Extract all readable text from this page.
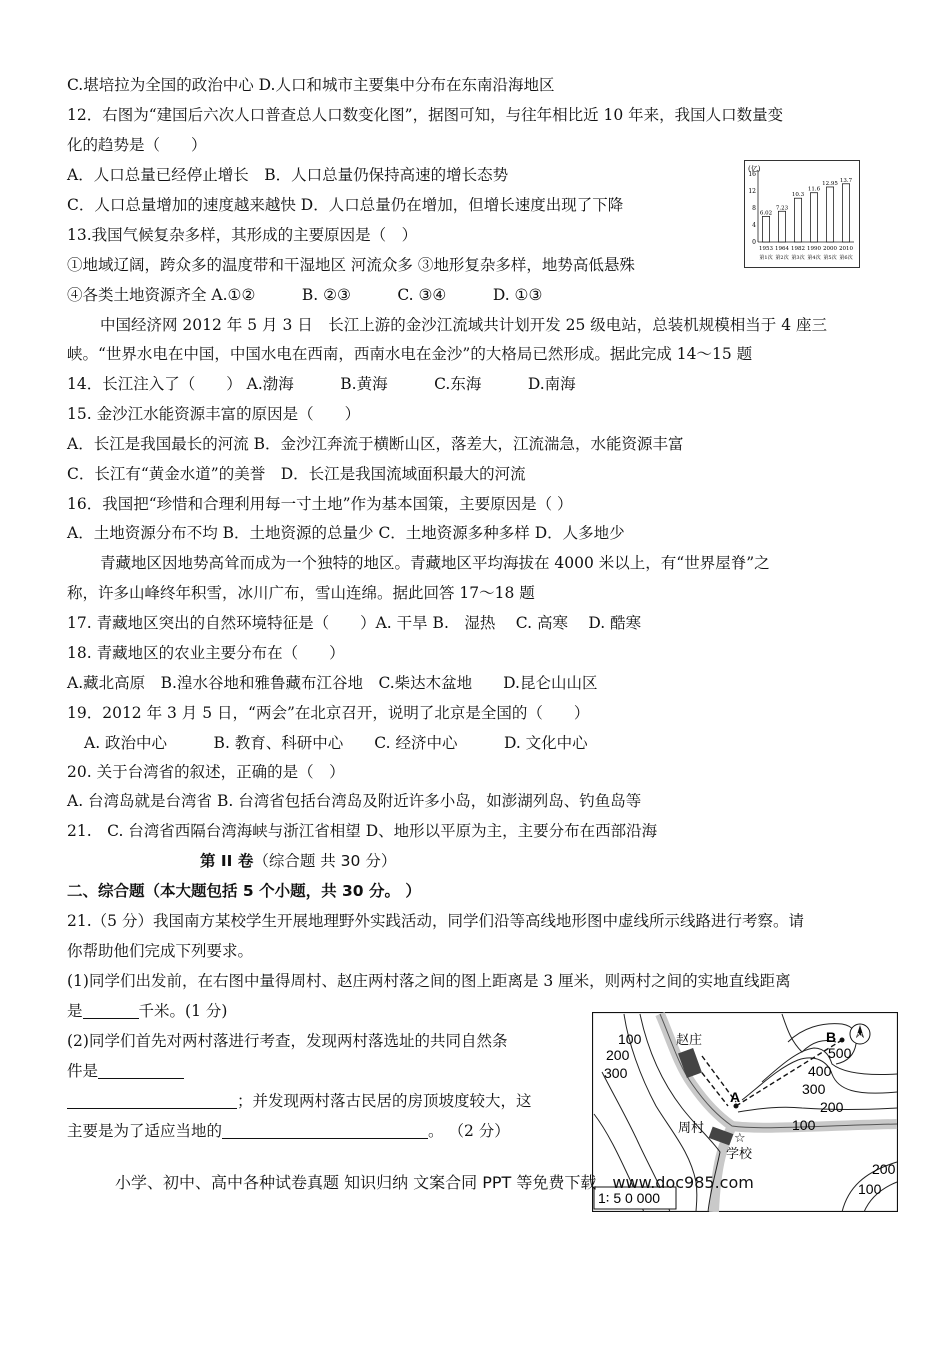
C.堪培拉为全国的政治中心 D.人口和城市主要集中分布在东南沿海地区
12．右图为“建国后六次人口普查总人口数变化图”，据图可知，与往年相比近 10 年来，我国人口数量变
化的趋势是（　　）
A．人口总量已经停止增长　B．人口总量仍保持高速的增长态势
C．人口总量增加的速度越来越快 D．人口总量仍在增加，但增长速度出现了下降
13.我国气候复杂多样，其形成的主要原因是（　）
①地域辽阔，跨众多的温度带和干湿地区 河流众多 ③地形复杂多样，地势高低悬殊
④各类土地资源齐全 A.①②　　　B. ②③　　　C. ③④　　　D. ①③
中国经济网 2012 年 5 月 3 日　长江上游的金沙江流域共计划开发 25 级电站，总装机规模相当于 4 座三
峡。“世界水电在中国，中国水电在西南，西南水电在金沙”的大格局已然形成。据此完成 14～15 题
14．长江注入了（　　） A.渤海　　　B.黄海　　　C.东海　　　D.南海
15. 金沙江水能资源丰富的原因是（　　）
A．长江是我国最长的河流 B．金沙江奔流于横断山区，落差大，江流湍急，水能资源丰富
C．长江有“黄金水道”的美誉　D．长江是我国流域面积最大的河流
16．我国把“珍惜和合理利用每一寸土地”作为基本国策，主要原因是（ ）
A．土地资源分布不均 B．土地资源的总量少 C．土地资源多种多样 D．人多地少
青藏地区因地势高耸而成为一个独特的地区。青藏地区平均海拔在 4000 米以上，有“世界屋脊”之
称，许多山峰终年积雪，冰川广布，雪山连绵。据此回答 17～18 题
17. 青藏地区突出的自然环境特征是（　　）A. 干旱 B.　湿热　 C. 高寒　 D. 酷寒
18. 青藏地区的农业主要分布在（　　）
A.藏北高原　B.湟水谷地和雅鲁藏布江谷地　C.柴达木盆地　　D.昆仑山山区
19．2012 年 3 月 5 日，“两会”在北京召开，说明了北京是全国的（　　）
A. 政治中心　　　B. 教育、科研中心　　C. 经济中心　　　D. 文化中心
20. 关于台湾省的叙述，正确的是（　）
A. 台湾岛就是台湾省 B. 台湾省包括台湾岛及附近许多小岛，如澎湖列岛、钓鱼岛等
21.　C. 台湾省西隔台湾海峡与浙江省相望 D、地形以平原为主，主要分布在西部沿海
第 II 卷（综合题 共 30 分）
二、综合题（本大题包括 5 个小题，共 30 分。 ）
21.（5 分）我国南方某校学生开展地理野外实践活动，同学们沿等高线地形图中虚线所示线路进行考察。请
你帮助他们完成下列要求。
(1)同学们出发前，在右图中量得周村、赵庄两村落之间的图上距离是 3 厘米，则两村之间的实地直线距离
是	千米。(1 分)
(2)同学们首先对两村落进行考查，发现两村落选址的共同自然条
件是
；并发现两村落古民居的房顶坡度较大，这
主要是为了适应当地的	。 （2 分）
(亿)
16
12
8
4
0
6.02
1953
第1次
7.23
1964
第2次
10.3
1982
第3次
11.6
1990
第4次
12.95
2000
第5次
13.7
2010
第6次
赵庄
周村
☆
学校
A
B	N
100
200
300
500
400
300
200
100
200
100
1∶ 5 0 000
小学、初中、高中各种试卷真题 知识归纳 文案合同 PPT 等免费下载　www.doc985.com
